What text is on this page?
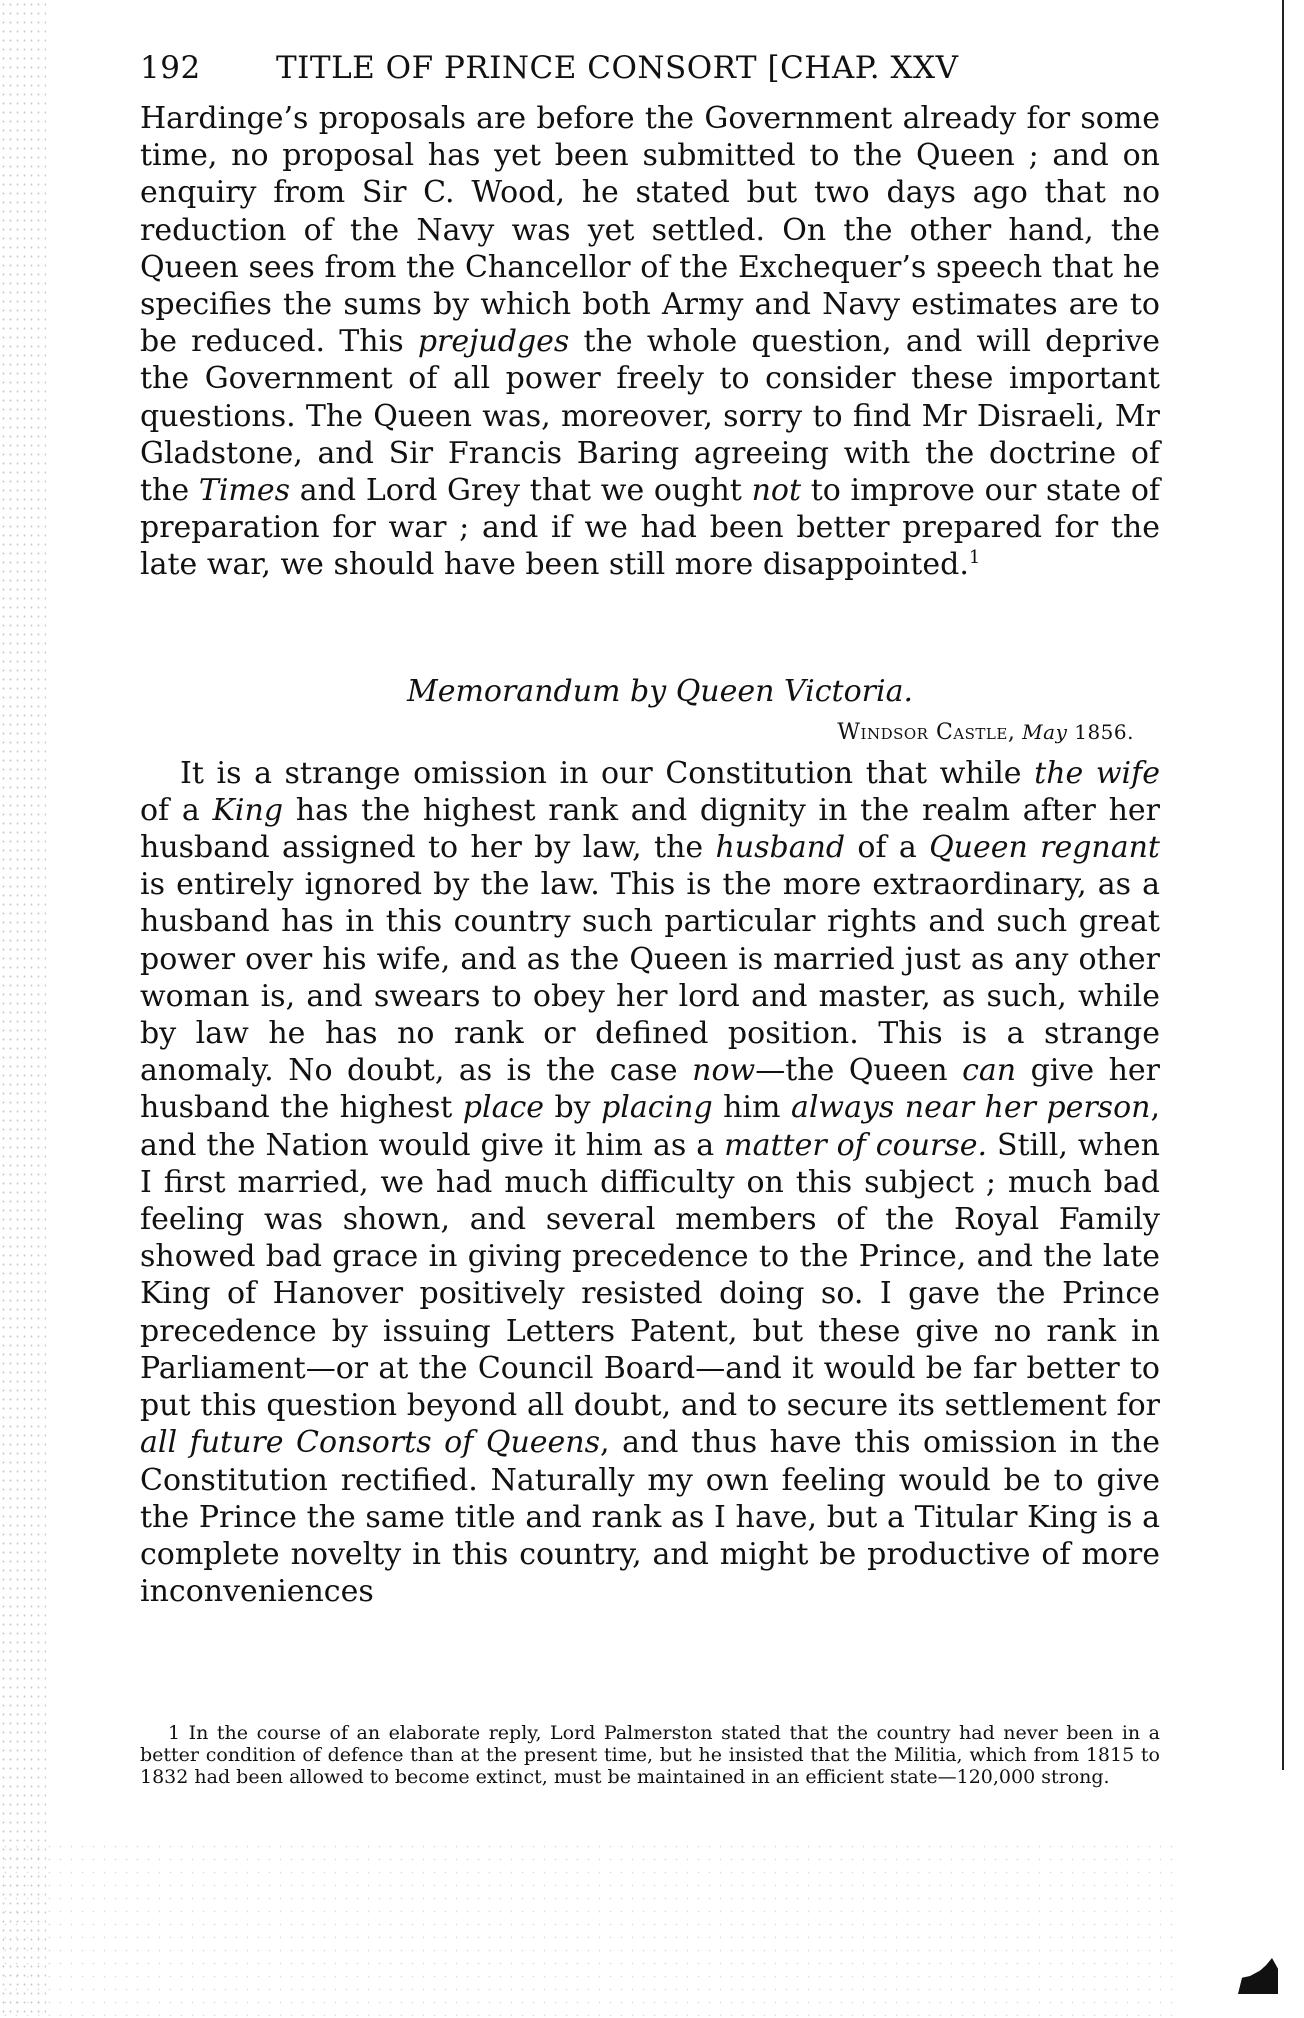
192	TITLE OF PRINCE CONSORT [CHAP. XXV

Hardinge’s proposals are before the Government already for some time, no proposal has yet been submitted to the Queen ; and on enquiry from Sir C. Wood, he stated but two days ago that no reduction of the Navy was yet settled. On the other hand, the Queen sees from the Chancellor of the Exchequer’s speech that he specifies the sums by which both Army and Navy estimates are to be reduced. This prejudges the whole question, and will deprive the Government of all power freely to consider these important questions. The Queen was, moreover, sorry to find Mr Disraeli, Mr Gladstone, and Sir Francis Baring agreeing with the doctrine of the Times and Lord Grey that we ought not to improve our state of preparation for war ; and if we had been better prepared for the late war, we should have been still more disappointed.$^1$

Memorandum by Queen Victoria.
Windsor Castle, May 1856.

It is a strange omission in our Constitution that while the wife of a King has the highest rank and dignity in the realm after her husband assigned to her by law, the husband of a Queen regnant is entirely ignored by the law. This is the more extraordinary, as a husband has in this country such particular rights and such great power over his wife, and as the Queen is married just as any other woman is, and swears to obey her lord and master, as such, while by law he has no rank or defined position. This is a strange anomaly. No doubt, as is the case now—the Queen can give her husband the highest place by placing him always near her person, and the Nation would give it him as a matter of course. Still, when I first married, we had much difficulty on this subject ; much bad feeling was shown, and several members of the Royal Family showed bad grace in giving precedence to the Prince, and the late King of Hanover positively resisted doing so. I gave the Prince precedence by issuing Letters Patent, but these give no rank in Parliament—or at the Council Board—and it would be far better to put this question beyond all doubt, and to secure its settlement for all future Consorts of Queens, and thus have this omission in the Constitution rectified. Naturally my own feeling would be to give the Prince the same title and rank as I have, but a Titular King is a complete novelty in this country, and might be productive of more inconveniences

1 In the course of an elaborate reply, Lord Palmerston stated that the country had never been in a better condition of defence than at the present time, but he insisted that the Militia, which from 1815 to 1832 had been allowed to become extinct, must be maintained in an efficient state—120,000 strong.
